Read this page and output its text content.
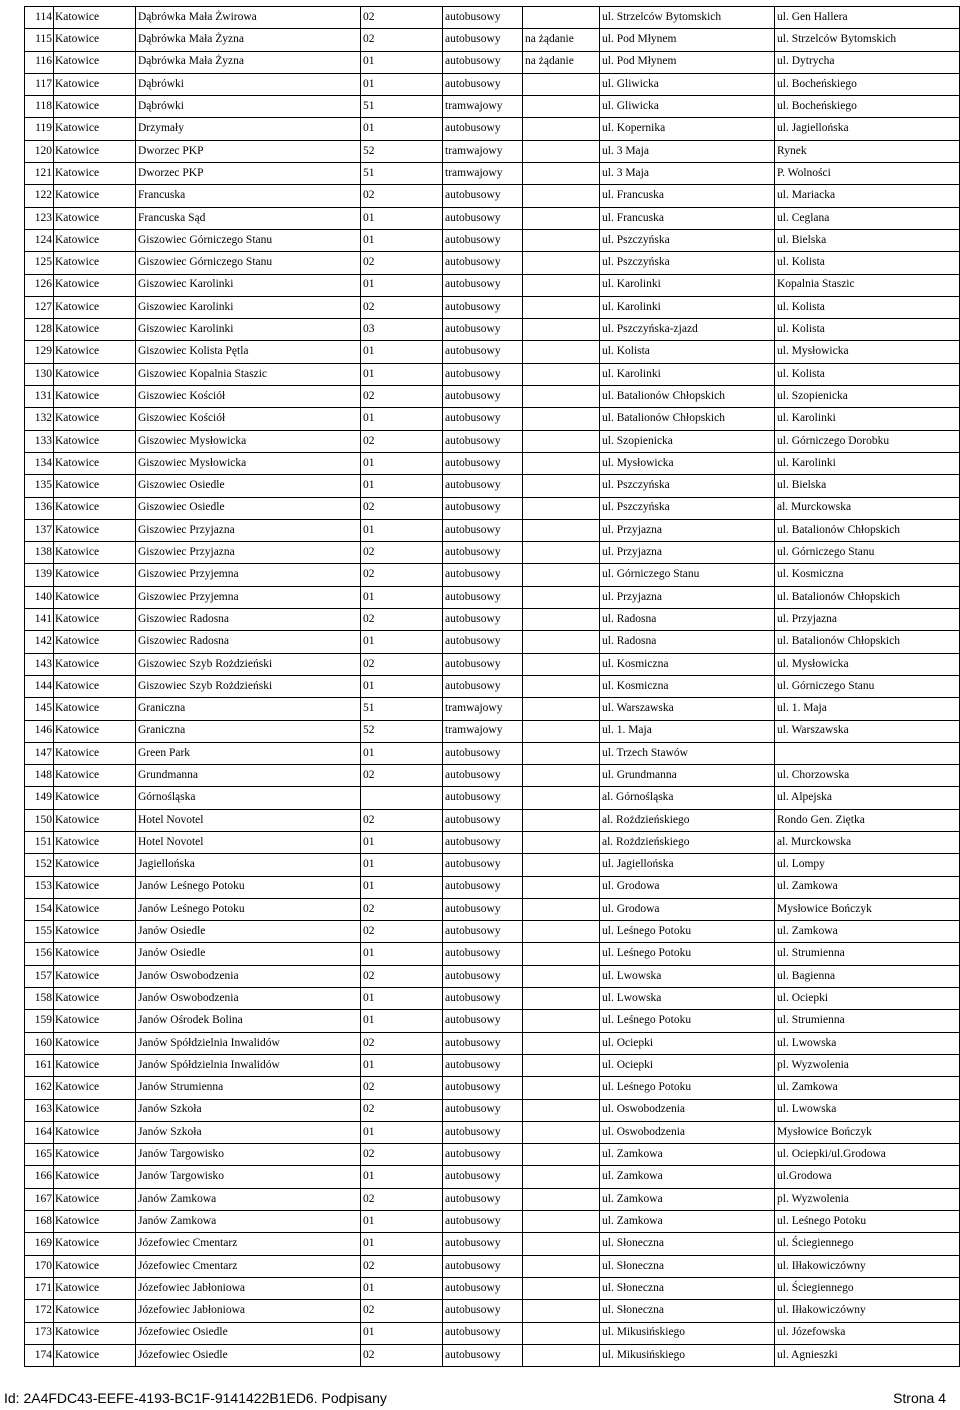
114	Katowice	Dąbrówka Mała Żwirowa	02	autobusowy		ul. Strzelców Bytomskich	ul. Gen Hallera
115	Katowice	Dąbrówka Mała Żyzna	02	autobusowy	na żądanie	ul. Pod Młynem	ul. Strzelców Bytomskich
116	Katowice	Dąbrówka Mała Żyzna	01	autobusowy	na żądanie	ul. Pod Młynem	ul. Dytrycha
117	Katowice	Dąbrówki	01	autobusowy		ul. Gliwicka	ul. Bocheńskiego
118	Katowice	Dąbrówki	51	tramwajowy		ul. Gliwicka	ul. Bocheńskiego
119	Katowice	Drzymały	01	autobusowy		ul. Kopernika	ul. Jagiellońska
120	Katowice	Dworzec PKP	52	tramwajowy		ul. 3 Maja	Rynek
121	Katowice	Dworzec PKP	51	tramwajowy		ul. 3 Maja	P. Wolności
122	Katowice	Francuska	02	autobusowy		ul. Francuska	ul. Mariacka
123	Katowice	Francuska Sąd	01	autobusowy		ul. Francuska	ul. Ceglana
124	Katowice	Giszowiec Górniczego Stanu	01	autobusowy		ul. Pszczyńska	ul. Bielska
125	Katowice	Giszowiec Górniczego Stanu	02	autobusowy		ul. Pszczyńska	ul. Kolista
126	Katowice	Giszowiec Karolinki	01	autobusowy		ul. Karolinki	Kopalnia Staszic
127	Katowice	Giszowiec Karolinki	02	autobusowy		ul. Karolinki	ul. Kolista
128	Katowice	Giszowiec Karolinki	03	autobusowy		ul. Pszczyńska-zjazd	ul. Kolista
129	Katowice	Giszowiec Kolista Pętla	01	autobusowy		ul. Kolista	ul. Mysłowicka
130	Katowice	Giszowiec Kopalnia Staszic	01	autobusowy		ul. Karolinki	ul. Kolista
131	Katowice	Giszowiec Kościół	02	autobusowy		ul. Batalionów Chłopskich	ul. Szopienicka
132	Katowice	Giszowiec Kościół	01	autobusowy		ul. Batalionów Chłopskich	ul. Karolinki
133	Katowice	Giszowiec Mysłowicka	02	autobusowy		ul. Szopienicka	ul. Górniczego Dorobku
134	Katowice	Giszowiec Mysłowicka	01	autobusowy		ul. Mysłowicka	ul. Karolinki
135	Katowice	Giszowiec Osiedle	01	autobusowy		ul. Pszczyńska	ul. Bielska
136	Katowice	Giszowiec Osiedle	02	autobusowy		ul. Pszczyńska	al. Murckowska
137	Katowice	Giszowiec Przyjazna	01	autobusowy		ul. Przyjazna	ul. Batalionów Chłopskich
138	Katowice	Giszowiec Przyjazna	02	autobusowy		ul. Przyjazna	ul. Górniczego Stanu
139	Katowice	Giszowiec Przyjemna	02	autobusowy		ul. Górniczego Stanu	ul. Kosmiczna
140	Katowice	Giszowiec Przyjemna	01	autobusowy		ul. Przyjazna	ul. Batalionów Chłopskich
141	Katowice	Giszowiec Radosna	02	autobusowy		ul. Radosna	ul. Przyjazna
142	Katowice	Giszowiec Radosna	01	autobusowy		ul. Radosna	ul. Batalionów Chłopskich
143	Katowice	Giszowiec Szyb Rożdzieński	02	autobusowy		ul. Kosmiczna	ul. Mysłowicka
144	Katowice	Giszowiec Szyb Rożdzieński	01	autobusowy		ul. Kosmiczna	ul. Górniczego Stanu
145	Katowice	Graniczna	51	tramwajowy		ul. Warszawska	ul. 1. Maja
146	Katowice	Graniczna	52	tramwajowy		ul. 1. Maja	ul. Warszawska
147	Katowice	Green Park	01	autobusowy		ul. Trzech Stawów	
148	Katowice	Grundmanna	02	autobusowy		ul. Grundmanna	ul. Chorzowska
149	Katowice	Górnośląska		autobusowy		al. Górnośląska	ul. Alpejska
150	Katowice	Hotel Novotel	02	autobusowy		al. Rożdzieńskiego	Rondo Gen. Ziętka
151	Katowice	Hotel Novotel	01	autobusowy		al. Rożdzieńskiego	al. Murckowska
152	Katowice	Jagiellońska	01	autobusowy		ul. Jagiellońska	ul. Lompy
153	Katowice	Janów Leśnego Potoku	01	autobusowy		ul. Grodowa	ul. Zamkowa
154	Katowice	Janów Leśnego Potoku	02	autobusowy		ul. Grodowa	Mysłowice Bończyk
155	Katowice	Janów Osiedle	02	autobusowy		ul. Leśnego Potoku	ul. Zamkowa
156	Katowice	Janów Osiedle	01	autobusowy		ul. Leśnego Potoku	ul. Strumienna
157	Katowice	Janów Oswobodzenia	02	autobusowy		ul. Lwowska	ul. Bagienna
158	Katowice	Janów Oswobodzenia	01	autobusowy		ul. Lwowska	ul. Ociepki
159	Katowice	Janów Ośrodek Bolina	01	autobusowy		ul. Leśnego Potoku	ul. Strumienna
160	Katowice	Janów Spółdzielnia Inwalidów	02	autobusowy		ul. Ociepki	ul. Lwowska
161	Katowice	Janów Spółdzielnia Inwalidów	01	autobusowy		ul. Ociepki	pl. Wyzwolenia
162	Katowice	Janów Strumienna	02	autobusowy		ul. Leśnego Potoku	ul. Zamkowa
163	Katowice	Janów Szkoła	02	autobusowy		ul. Oswobodzenia	ul. Lwowska
164	Katowice	Janów Szkoła	01	autobusowy		ul. Oswobodzenia	Mysłowice Bończyk
165	Katowice	Janów Targowisko	02	autobusowy		ul. Zamkowa	ul. Ociepki/ul.Grodowa
166	Katowice	Janów Targowisko	01	autobusowy		ul. Zamkowa	ul.Grodowa
167	Katowice	Janów Zamkowa	02	autobusowy		ul. Zamkowa	pl. Wyzwolenia
168	Katowice	Janów Zamkowa	01	autobusowy		ul. Zamkowa	ul. Leśnego Potoku
169	Katowice	Józefowiec Cmentarz	01	autobusowy		ul. Słoneczna	ul. Ściegiennego
170	Katowice	Józefowiec Cmentarz	02	autobusowy		ul. Słoneczna	ul. Iłłakowiczówny
171	Katowice	Józefowiec Jabłoniowa	01	autobusowy		ul. Słoneczna	ul. Ściegiennego
172	Katowice	Józefowiec Jabłoniowa	02	autobusowy		ul. Słoneczna	ul. Iłłakowiczówny
173	Katowice	Józefowiec Osiedle	01	autobusowy		ul. Mikusińskiego	ul. Józefowska
174	Katowice	Józefowiec Osiedle	02	autobusowy		ul. Mikusińskiego	ul. Agnieszki
Id: 2A4FDC43-EEFE-4193-BC1F-9141422B1ED6. Podpisany	Strona 4
